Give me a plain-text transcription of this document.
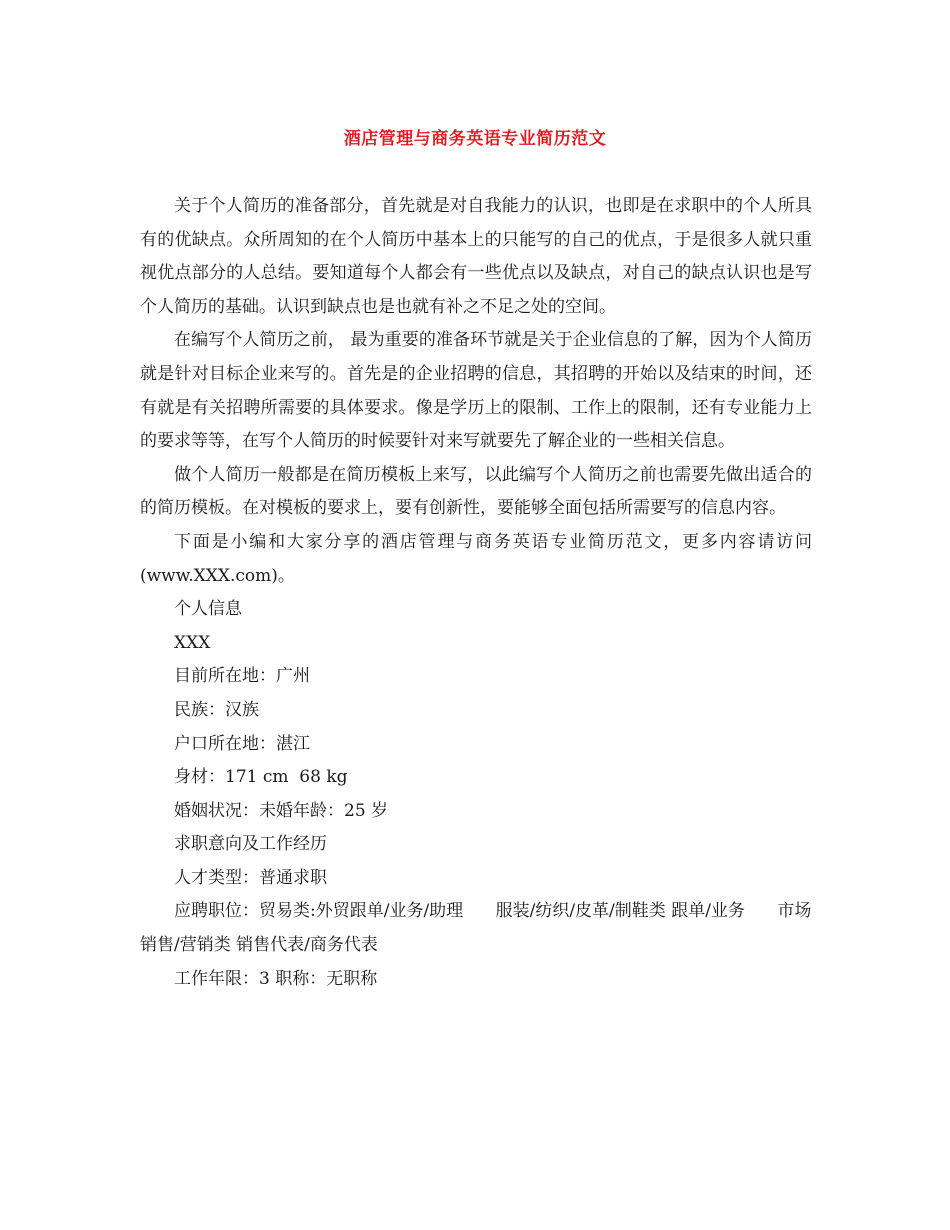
酒店管理与商务英语专业简历范文

关于个人简历的准备部分，首先就是对自我能力的认识，也即是在求职中的个人所具有的优缺点。众所周知的在个人简历中基本上的只能写的自己的优点，于是很多人就只重视优点部分的人总结。要知道每个人都会有一些优点以及缺点，对自己的缺点认识也是写个人简历的基础。认识到缺点也是也就有补之不足之处的空间。

在编写个人简历之前， 最为重要的准备环节就是关于企业信息的了解，因为个人简历就是针对目标企业来写的。首先是的企业招聘的信息，其招聘的开始以及结束的时间，还有就是有关招聘所需要的具体要求。像是学历上的限制、工作上的限制，还有专业能力上的要求等等，在写个人简历的时候要针对来写就要先了解企业的一些相关信息。

做个人简历一般都是在简历模板上来写，以此编写个人简历之前也需要先做出适合的的简历模板。在对模板的要求上，要有创新性，要能够全面包括所需要写的信息内容。

下面是小编和大家分享的酒店管理与商务英语专业简历范文，更多内容请访问(www.XXX.com)。

个人信息

XXX

目前所在地：广州

民族：汉族

户口所在地：湛江

身材：171 cm  68 kg

婚姻状况：未婚年龄：25 岁

求职意向及工作经历

人才类型：普通求职

应聘职位：贸易类:外贸跟单/业务/助理      服装/纺织/皮革/制鞋类 跟单/业务      市场销售/营销类 销售代表/商务代表

工作年限：3 职称：无职称
